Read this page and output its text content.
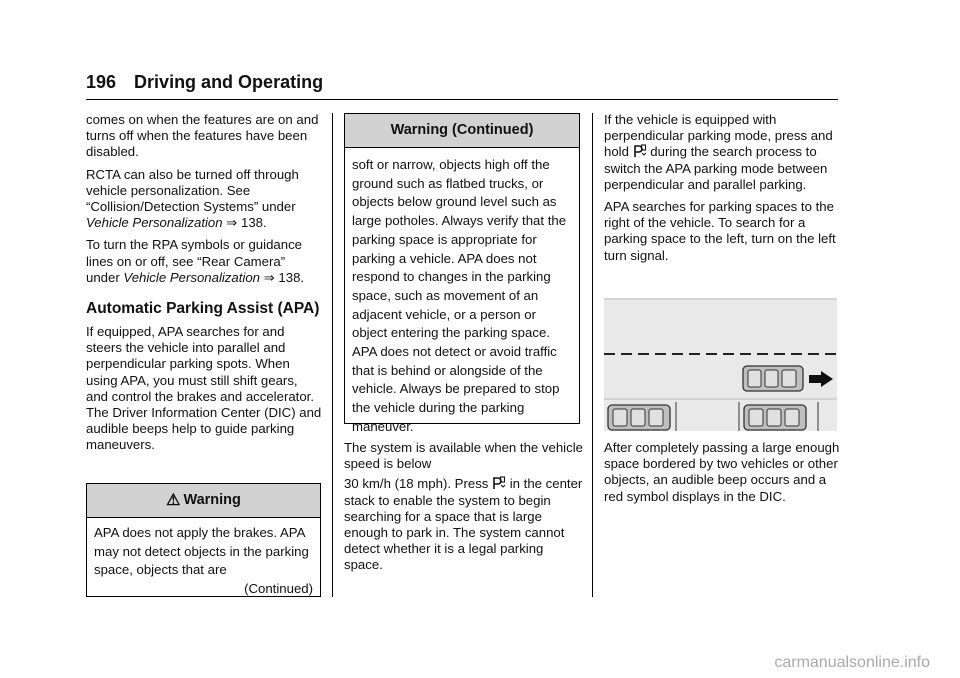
196 Driving and Operating

comes on when the features are on and turns off when the features have been disabled.

RCTA can also be turned off through vehicle personalization. See “Collision/Detection Systems” under
Vehicle Personalization ⇒ 138.

To turn the RPA symbols or guidance lines on or off, see “Rear Camera” under Vehicle Personalization ⇒ 138.

Automatic Parking Assist (APA)

If equipped, APA searches for and steers the vehicle into parallel and perpendicular parking spots. When using APA, you must still shift gears, and control the brakes and accelerator. The Driver Information Center (DIC) and audible beeps help to guide parking maneuvers.

⚠ Warning
APA does not apply the brakes. APA may not detect objects in the parking space, objects that are
(Continued)
Warning (Continued)
soft or narrow, objects high off the ground such as flatbed trucks, or objects below ground level such as large potholes. Always verify that the parking space is appropriate for parking a vehicle. APA does not respond to changes in the parking space, such as movement of an adjacent vehicle, or a person or object entering the parking space. APA does not detect or avoid traffic that is behind or alongside of the vehicle. Always be prepared to stop the vehicle during the parking maneuver.

The system is available when the vehicle speed is below

30 km/h (18 mph). Press in the center stack to enable the system to begin searching for a space that is large enough to park in. The system cannot detect whether it is a legal parking space.

If the vehicle is equipped with perpendicular parking mode, press and hold during the search process to switch the APA parking mode between perpendicular and parallel parking.

APA searches for parking spaces to the right of the vehicle. To search for a parking space to the left, turn on the left turn signal.

After completely passing a large enough space bordered by two vehicles or other objects, an audible beep occurs and a red symbol displays in the DIC.

carmanualsonline.info
